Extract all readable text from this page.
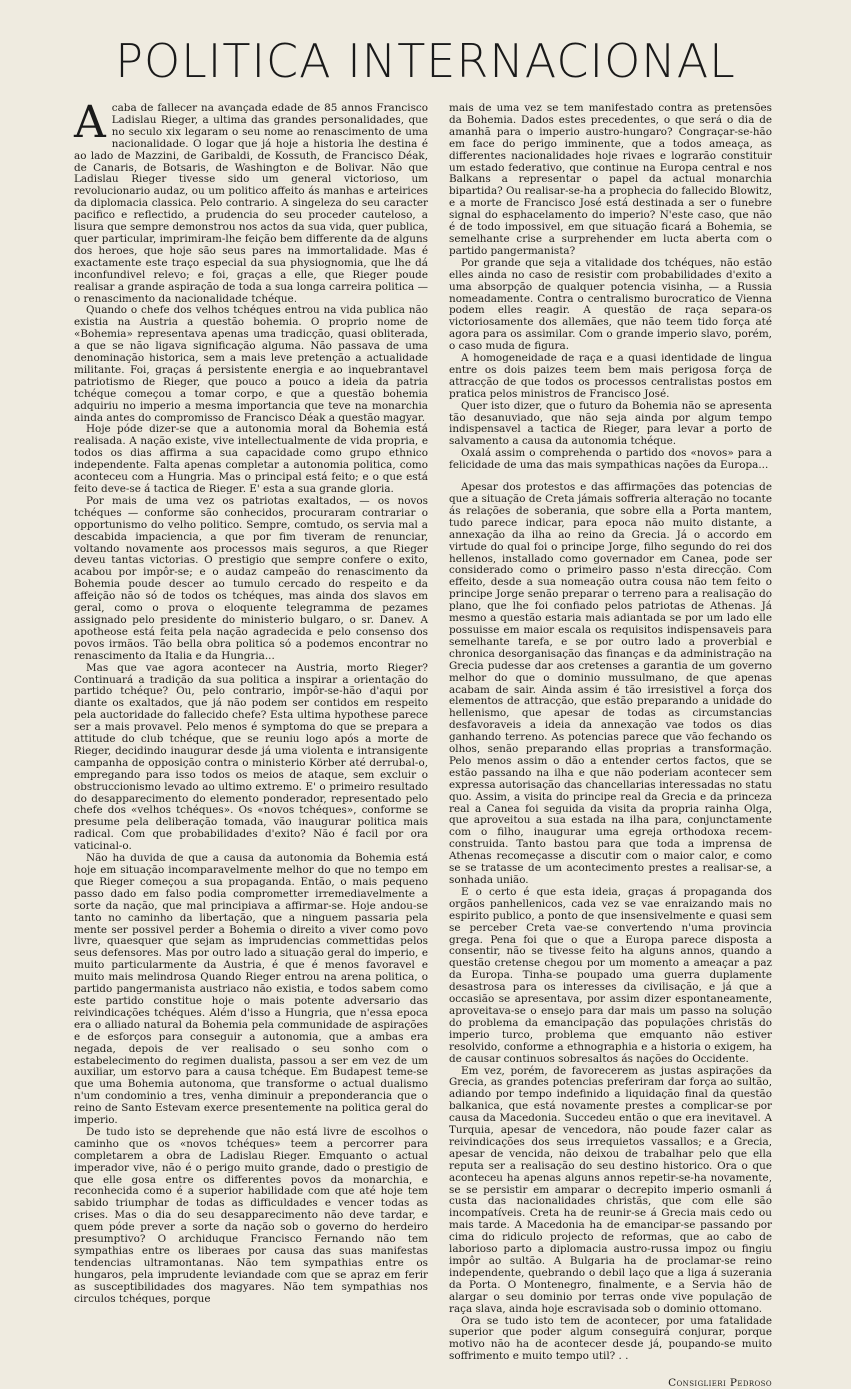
POLITICA INTERNACIONAL

Acaba de fallecer na avançada edade de 85 annos Francisco Ladislau Rieger, a ultima das grandes personalidades, que no seculo xix legaram o seu nome ao renascimento de uma nacionalidade. O logar que já hoje a historia lhe destina é ao lado de Mazzini, de Garibaldi, de Kossuth, de Francisco Déak, de Canaris, de Botsaris, de Washington e de Bolivar. Não que Ladislau Rieger tivesse sido um general victorioso, um revolucionario audaz, ou um politico affeito ás manhas e arteirices da diplomacia classica. Pelo contrario. A singeleza do seu caracter pacifico e reflectido, a prudencia do seu proceder cauteloso, a lisura que sempre demonstrou nos actos da sua vida, quer publica, quer particular, imprimiram-lhe feição bem differente da de alguns dos heroes, que hoje são seus pares na immortalidade. Mas é exactamente este traço especial da sua physiognomia, que lhe dá inconfundivel relevo; e foi, graças a elle, que Rieger poude realisar a grande aspiração de toda a sua longa carreira politica — o renascimento da nacionalidade tchéque.

Quando o chefe dos velhos tchéques entrou na vida publica não existia na Austria a questão bohemia. O proprio nome de «Bohemia» representava apenas uma tradicção, quasi obliterada, a que se não ligava significação alguma. Não passava de uma denominação historica, sem a mais leve pretenção a actualidade militante. Foi, graças á persistente energia e ao inquebrantavel patriotismo de Rieger, que pouco a pouco a ideia da patria tchéque começou a tomar corpo, e que a questão bohemia adquiriu no imperio a mesma importancia que teve na monarchia ainda antes do compromisso de Francisco Déak a questão magyar.

Hoje póde dizer-se que a autonomia moral da Bohemia está realisada. A nação existe, vive intellectualmente de vida propria, e todos os dias affirma a sua capacidade como grupo ethnico independente. Falta apenas completar a autonomia politica, como aconteceu com a Hungria. Mas o principal está feito; e o que está feito deve-se á tactica de Rieger. E' esta a sua grande gloria.

Por mais de uma vez os patriotas exaltados, — os novos tchéques — conforme são conhecidos, procuraram contrariar o opportunismo do velho politico. Sempre, comtudo, os servia mal a descabida impaciencia, a que por fim tiveram de renunciar, voltando novamente aos processos mais seguros, a que Rieger deveu tantas victorias. O prestigio que sempre confere o exito, acabou por impôr-se; e o audaz campeão do renascimento da Bohemia poude descer ao tumulo cercado do respeito e da affeição não só de todos os tchéques, mas ainda dos slavos em geral, como o prova o eloquente telegramma de pezames assignado pelo presidente do ministerio bulgaro, o sr. Danev. A apotheose está feita pela nação agradecida e pelo consenso dos povos irmãos. Tão bella obra politica só a podemos encontrar no renascimento da Italia e da Hungria...

Mas que vae agora acontecer na Austria, morto Rieger? Continuará a tradição da sua politica a inspirar a orientação do partido tchéque? Ou, pelo contrario, impôr-se-hão d'aqui por diante os exaltados, que já não podem ser contidos em respeito pela auctoridade do fallecido chefe? Esta ultima hypothese parece ser a mais provavel. Pelo menos é symptoma do que se prepara a attitude do club tchéque, que se reuniu logo após a morte de Rieger, decidindo inaugurar desde já uma violenta e intransigente campanha de opposição contra o ministerio Körber até derrubal-o, empregando para isso todos os meios de ataque, sem excluir o obstruccionismo levado ao ultimo extremo. E' o primeiro resultado do desapparecimento do elemento ponderador, representado pelo chefe dos «velhos tchéques». Os «novos tchéques», conforme se presume pela deliberação tomada, vão inaugurar politica mais radical. Com que probabilidades d'exito? Não é facil por ora vaticinal-o.

Não ha duvida de que a causa da autonomia da Bohemia está hoje em situação incomparavelmente melhor do que no tempo em que Rieger começou a sua propaganda. Então, o mais pequeno passo dado em falso podia comprometter irremediavelmente a sorte da nação, que mal principiava a affirmar-se. Hoje andou-se tanto no caminho da libertação, que a ninguem passaria pela mente ser possivel perder a Bohemia o direito a viver como povo livre, quaesquer que sejam as imprudencias commettidas pelos seus defensores. Mas por outro lado a situação geral do imperio, e muito particularmente da Austria, é que é menos favoravel e muito mais melindrosa Quando Rieger entrou na arena politica, o partido pangermanista austriaco não existia, e todos sabem como este partido constitue hoje o mais potente adversario das reivindicações tchéques. Além d'isso a Hungria, que n'essa epoca era o alliado natural da Bohemia pela communidade de aspirações e de esforços para conseguir a autonomia, que a ambas era negada, depois de ver realisado o seu sonho com o estabelecimento do regimen dualista, passou a ser em vez de um auxiliar, um estorvo para a causa tchéque. Em Budapest teme-se que uma Bohemia autonoma, que transforme o actual dualismo n'um condominio a tres, venha diminuir a preponderancia que o reino de Santo Estevam exerce presentemente na politica geral do imperio.

De tudo isto se deprehende que não está livre de escolhos o caminho que os «novos tchéques» teem a percorrer para completarem a obra de Ladislau Rieger. Emquanto o actual imperador vive, não é o perigo muito grande, dado o prestigio de que elle gosa entre os differentes povos da monarchia, e reconhecida como é a superior habilidade com que até hoje tem sabido triumphar de todas as difficuldades e vencer todas as crises. Mas o dia do seu desapparecimento não deve tardar, e quem póde prever a sorte da nação sob o governo do herdeiro presumptivo? O archiduque Francisco Fernando não tem sympathias entre os liberaes por causa das suas manifestas tendencias ultramontanas. Não tem sympathias entre os hungaros, pela imprudente leviandade com que se apraz em ferir as susceptibilidades dos magyares. Não tem sympathias nos circulos tchéques, porque

mais de uma vez se tem manifestado contra as pretensões da Bohemia. Dados estes precedentes, o que será o dia de amanhã para o imperio austro-hungaro? Congraçar-se-hão em face do perigo imminente, que a todos ameaça, as differentes nacionalidades hoje rivaes e lograrão constituir um estado federativo, que continue na Europa central e nos Balkans a representar o papel da actual monarchia bipartida? Ou realisar-se-ha a prophecia do fallecido Blowitz, e a morte de Francisco José está destinada a ser o funebre signal do esphacelamento do imperio? N'este caso, que não é de todo impossivel, em que situação ficará a Bohemia, se semelhante crise a surprehender em lucta aberta com o partido pangermanista?

Por grande que seja a vitalidade dos tchéques, não estão elles ainda no caso de resistir com probabilidades d'exito a uma absorpção de qualquer potencia visinha, — a Russia nomeadamente. Contra o centralismo burocratico de Vienna podem elles reagir. A questão de raça separa-os victoriosamente dos allemães, que não teem tido força até agora para os assimilar. Com o grande imperio slavo, porém, o caso muda de figura.

A homogeneidade de raça e a quasi identidade de lingua entre os dois paizes teem bem mais perigosa força de attracção de que todos os processos centralistas postos em pratica pelos ministros de Francisco José.

Quer isto dizer, que o futuro da Bohemia não se apresenta tão desanuviado, que não seja ainda por algum tempo indispensavel a tactica de Rieger, para levar a porto de salvamento a causa da autonomia tchéque.

Oxalá assim o comprehenda o partido dos «novos» para a felicidade de uma das mais sympathicas nações da Europa...

Apesar dos protestos e das affirmações das potencias de que a situação de Creta jámais soffreria alteração no tocante ás relações de soberania, que sobre ella a Porta mantem, tudo parece indicar, para epoca não muito distante, a annexação da ilha ao reino da Grecia. Já o accordo em virtude do qual foi o principe Jorge, filho segundo do rei dos hellenos, installado como governador em Canea, pode ser considerado como o primeiro passo n'esta direcção. Com effeito, desde a sua nomeação outra cousa não tem feito o principe Jorge senão preparar o terreno para a realisação do plano, que lhe foi confiado pelos patriotas de Athenas. Já mesmo a questão estaria mais adiantada se por um lado elle possuisse em maior escala os requisitos indispensaveis para semelhante tarefa, e se por outro lado a proverbial e chronica desorganisação das finanças e da administração na Grecia pudesse dar aos cretenses a garantia de um governo melhor do que o dominio mussulmano, de que apenas acabam de sair. Ainda assim é tão irresistivel a força dos elementos de attracção, que estão preparando a unidade do hellenismo, que apesar de todas as circumstancias desfavoraveis a ideia da annexação vae todos os dias ganhando terreno. As potencias parece que vão fechando os olhos, senão preparando ellas proprias a transformação. Pelo menos assim o dão a entender certos factos, que se estão passando na ilha e que não poderiam acontecer sem expressa autorisação das chancellarias interessadas no statu quo. Assim, a visita do principe real da Grecia e da princeza real a Canea foi seguida da visita da propria rainha Olga, que aproveitou a sua estada na ilha para, conjunctamente com o filho, inaugurar uma egreja orthodoxa recem-construida. Tanto bastou para que toda a imprensa de Athenas recomeçasse a discutir com o maior calor, e como se se tratasse de um acontecimento prestes a realisar-se, a sonhada união.

E o certo é que esta ideia, graças á propaganda dos orgãos panhellenicos, cada vez se vae enraizando mais no espirito publico, a ponto de que insensivelmente e quasi sem se perceber Creta vae-se convertendo n'uma provincia grega. Pena foi que o que a Europa parece disposta a consentir, não se tivesse feito ha alguns annos, quando a questão cretense chegou por um momento a ameaçar a paz da Europa. Tinha-se poupado uma guerra duplamente desastrosa para os interesses da civilisação, e já que a occasião se apresentava, por assim dizer espontaneamente, aproveitava-se o ensejo para dar mais um passo na solução do problema da emancipação das populações christãs do imperio turco, problema que emquanto não estiver resolvido, conforme a ethnographia e a historia o exigem, ha de causar continuos sobresaltos ás nações do Occidente.

Em vez, porém, de favorecerem as justas aspirações da Grecia, as grandes potencias preferiram dar força ao sultão, adiando por tempo indefinido a liquidação final da questão balkanica, que está novamente prestes a complicar-se por causa da Macedonia. Succedeu então o que era inevitavel. A Turquia, apesar de vencedora, não poude fazer calar as reivindicações dos seus irrequietos vassallos; e a Grecia, apesar de vencida, não deixou de trabalhar pelo que ella reputa ser a realisação do seu destino historico. Ora o que aconteceu ha apenas alguns annos repetir-se-ha novamente, se se persistir em amparar o decrepito imperio osmanli á custa das nacionalidades christãs, que com elle são incompatíveis. Creta ha de reunir-se á Grecia mais cedo ou mais tarde. A Macedonia ha de emancipar-se passando por cima do ridiculo projecto de reformas, que ao cabo de laborioso parto a diplomacia austro-russa impoz ou fingiu impôr ao sultão. A Bulgaria ha de proclamar-se reino independente, quebrando o debil laço que a liga á suzerania da Porta. O Montenegro, finalmente, e a Servia hão de alargar o seu dominio por terras onde vive população de raça slava, ainda hoje escravisada sob o dominio ottomano.

Ora se tudo isto tem de acontecer, por uma fatalidade superior que poder algum conseguirá conjurar, porque motivo não ha de acontecer desde já, poupando-se muito soffrimento e muito tempo util? . .

Consiglieri Pedroso
